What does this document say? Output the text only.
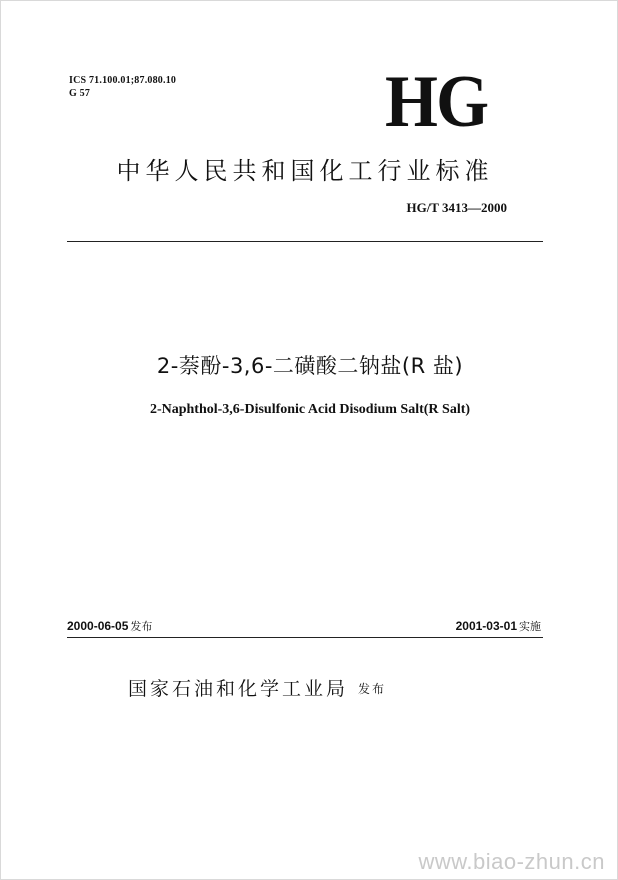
ICS 71.100.01;87.080.10
G 57	HG
中华人民共和国化工行业标准
HG/T 3413—2000
2-萘酚-3,6-二磺酸二钠盐(R 盐)
2-Naphthol-3,6-Disulfonic Acid Disodium Salt(R Salt)
2000-06-05 发布	2001-03-01 实施
国家石油和化学工业局 发布
www.biao-zhun.cn
